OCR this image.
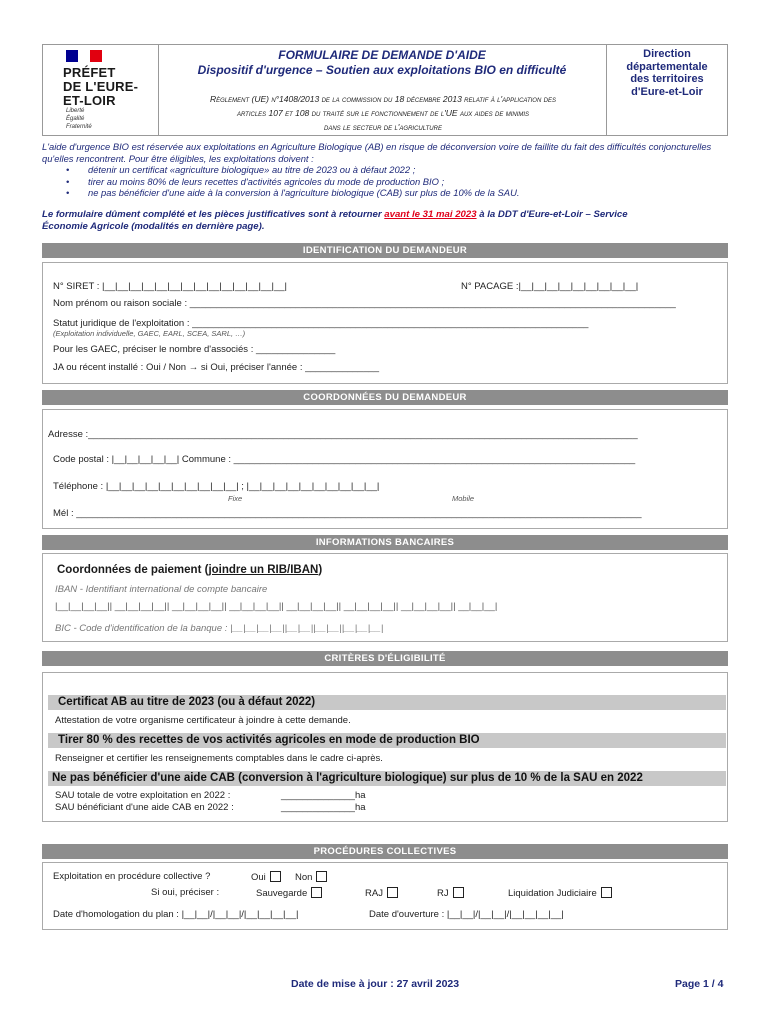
PRÉFET
DE L'EURE-
ET-LOIR
Liberté
Égalité
Fraternité
FORMULAIRE DE DEMANDE D'AIDE
Dispositif d'urgence – Soutien aux exploitations BIO en difficulté
Règlement (UE) n°1408/2013 de la commission du 18 décembre 2013 relatif à l'application des
articles 107 et 108 du traité sur le fonctionnement de l'UE aux aides de minimis
dans le secteur de l'agriculture
Direction
départementale
des territoires
d'Eure-et-Loir
L'aide d'urgence BIO est réservée aux exploitations en Agriculture Biologique (AB) en risque de déconversion voire de faillite du fait des difficultés conjoncturelles qu'elles rencontrent. Pour être éligibles, les exploitations doivent :
• détenir un certificat «agriculture biologique» au titre de 2023 ou à défaut 2022 ;
• tirer au moins 80% de leurs recettes d'activités agricoles du mode de production BIO ;
• ne pas bénéficier d'une aide à la conversion à l'agriculture biologique (CAB) sur plus de 10% de la SAU.
Le formulaire dûment complété et les pièces justificatives sont à retourner avant le 31 mai 2023 à la DDT d'Eure-et-Loir – Service
Économie Agricole (modalités en dernière page).
IDENTIFICATION DU DEMANDEUR
N° SIRET : |__|__|__|__|__|__|__|__|__|__|__|__|__|__|	N° PACAGE :|__|__|__|__|__|__|__|__|__|
Nom prénom ou raison sociale : ____________________________________________________________________________________________
Statut juridique de l'exploitation : ___________________________________________________________________________
(Exploitation individuelle, GAEC, EARL, SCEA, SARL, …)
Pour les GAEC, préciser le nombre d'associés : _______________
JA ou récent installé : Oui / Non → si Oui, préciser l'année : ______________
COORDONNÉES DU DEMANDEUR
Adresse :________________________________________________________________________________________________________
Code postal : |__|__|__|__|__| Commune : ____________________________________________________________________________
Téléphone : |__|__|__|__|__|__|__|__|__|__| ; |__|__|__|__|__|__|__|__|__|__|
Fixe	Mobile
Mél : ___________________________________________________________________________________________________________
INFORMATIONS BANCAIRES
Coordonnées de paiement (joindre un RIB/IBAN)
IBAN - Identifiant international de compte bancaire
|__|__|__|__|| __|__|__|__|| __|__|__|__|| __|__|__|__|| __|__|__|__|| __|__|__|__|| __|__|__|__|| __|__|__|
BIC - Code d'identification de la banque : |__|__|__|__||__|__||__|__||__|__|__|
CRITÈRES D'ÉLIGIBILITÉ
Certificat AB au titre de 2023 (ou à défaut 2022)
Attestation de votre organisme certificateur à joindre à cette demande.
Tirer 80 % des recettes de vos activités agricoles en mode de production BIO
Renseigner et certifier les renseignements comptables dans le cadre ci-après.
Ne pas bénéficier d'une aide CAB (conversion à l'agriculture biologique) sur plus de 10 % de la SAU en 2022
SAU totale de votre exploitation en 2022 :	______________ha
SAU bénéficiant d'une aide CAB en 2022 :	______________ha
PROCÉDURES COLLECTIVES
Exploitation en procédure collective ?	Oui	Non
Si oui, préciser :	Sauvegarde	RAJ	RJ	Liquidation Judiciaire
Date d'homologation du plan : |__|__|/|__|__|/|__|__|__|__|	Date d'ouverture : |__|__|/|__|__|/|__|__|__|__|
Date de mise à jour : 27 avril 2023	Page 1 / 4
